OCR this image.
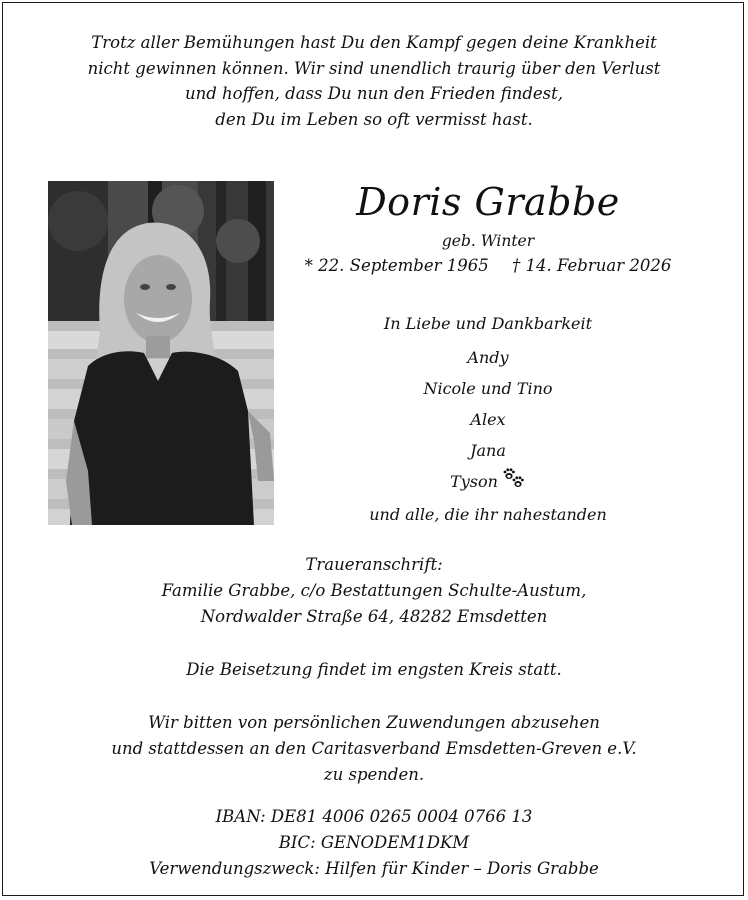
Trotz aller Bemühungen hast Du den Kampf gegen deine Krankheit
nicht gewinnen können. Wir sind unendlich traurig über den Verlust
und hoffen, dass Du nun den Frieden findest,
den Du im Leben so oft vermisst hast.
Doris Grabbe
geb. Winter
* 22. September 1965 † 14. Februar 2026
In Liebe und Dankbarkeit
Andy
Nicole und Tino
Alex
Jana
Tyson
und alle, die ihr nahestanden
Traueranschrift:
Familie Grabbe, c/o Bestattungen Schulte-Austum,
Nordwalder Straße 64, 48282 Emsdetten
Die Beisetzung findet im engsten Kreis statt.
Wir bitten von persönlichen Zuwendungen abzusehen
und stattdessen an den Caritasverband Emsdetten-Greven e.V.
zu spenden.
IBAN: DE81 4006 0265 0004 0766 13
BIC: GENODEM1DKM
Verwendungszweck: Hilfen für Kinder – Doris Grabbe
